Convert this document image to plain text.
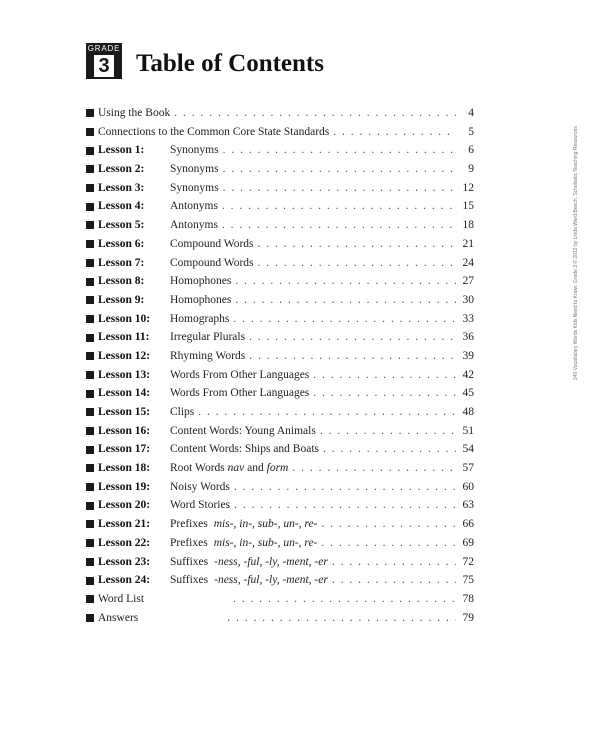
GRADE
3 Table of Contents
Using the Book . . .	4
Connections to the Common Core State Standards . . .	5
Lesson 1:	Synonyms . . .	6
Lesson 2:	Synonyms . . .	9
Lesson 3:	Synonyms . . .	12
Lesson 4:	Antonyms . . .	15
Lesson 5:	Antonyms . . .	18
Lesson 6:	Compound Words . . .	21
Lesson 7:	Compound Words . . .	24
Lesson 8:	Homophones . . .	27
Lesson 9:	Homophones . . .	30
Lesson 10:	Homographs . . .	33
Lesson 11:	Irregular Plurals . . .	36
Lesson 12:	Rhyming Words . . .	39
Lesson 13:	Words From Other Languages . . .	42
Lesson 14:	Words From Other Languages . . .	45
Lesson 15:	Clips . . .	48
Lesson 16:	Content Words: Young Animals . . .	51
Lesson 17:	Content Words: Ships and Boats . . .	54
Lesson 18:	Root Words nav and form . . .	57
Lesson 19:	Noisy Words . . .	60
Lesson 20:	Word Stories . . .	63
Lesson 21:	Prefixes mis-, in-, sub-, un-, re- . . .	66
Lesson 22:	Prefixes mis-, in-, sub-, un-, re- . . .	69
Lesson 23:	Suffixes -ness, -ful, -ly, -ment, -er . . .	72
Lesson 24:	Suffixes -ness, -ful, -ly, -ment, -er . . .	75
Word List . . .	78
Answers . . .	79
240 Vocabulary Words Kids Need to Know: Grade 3 © 2012 by Linda Ward Beech, Scholastic Teaching Resources
